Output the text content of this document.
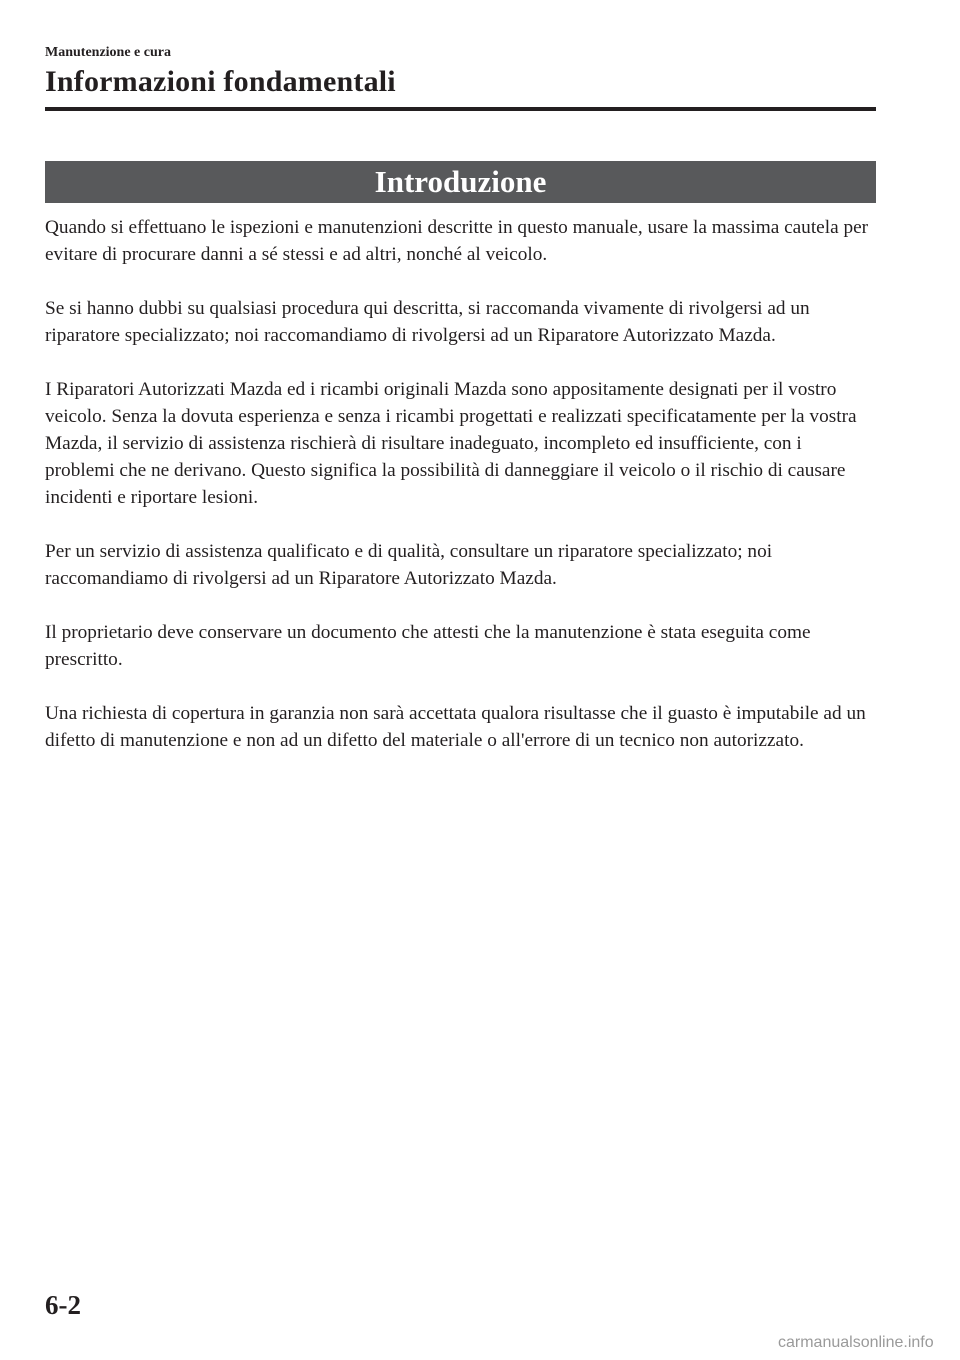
Manutenzione e cura
Informazioni fondamentali
Introduzione

Quando si effettuano le ispezioni e manutenzioni descritte in questo manuale, usare la massima cautela per evitare di procurare danni a sé stessi e ad altri, nonché al veicolo.

Se si hanno dubbi su qualsiasi procedura qui descritta, si raccomanda vivamente di rivolgersi ad un riparatore specializzato; noi raccomandiamo di rivolgersi ad un Riparatore Autorizzato Mazda.

I Riparatori Autorizzati Mazda ed i ricambi originali Mazda sono appositamente designati per il vostro veicolo. Senza la dovuta esperienza e senza i ricambi progettati e realizzati specificatamente per la vostra Mazda, il servizio di assistenza rischierà di risultare inadeguato, incompleto ed insufficiente, con i problemi che ne derivano. Questo significa la possibilità di danneggiare il veicolo o il rischio di causare incidenti e riportare lesioni.

Per un servizio di assistenza qualificato e di qualità, consultare un riparatore specializzato; noi raccomandiamo di rivolgersi ad un Riparatore Autorizzato Mazda.

Il proprietario deve conservare un documento che attesti che la manutenzione è stata eseguita come prescritto.

Una richiesta di copertura in garanzia non sarà accettata qualora risultasse che il guasto è imputabile ad un difetto di manutenzione e non ad un difetto del materiale o all'errore di un tecnico non autorizzato.

6-2
carmanualsonline.info
